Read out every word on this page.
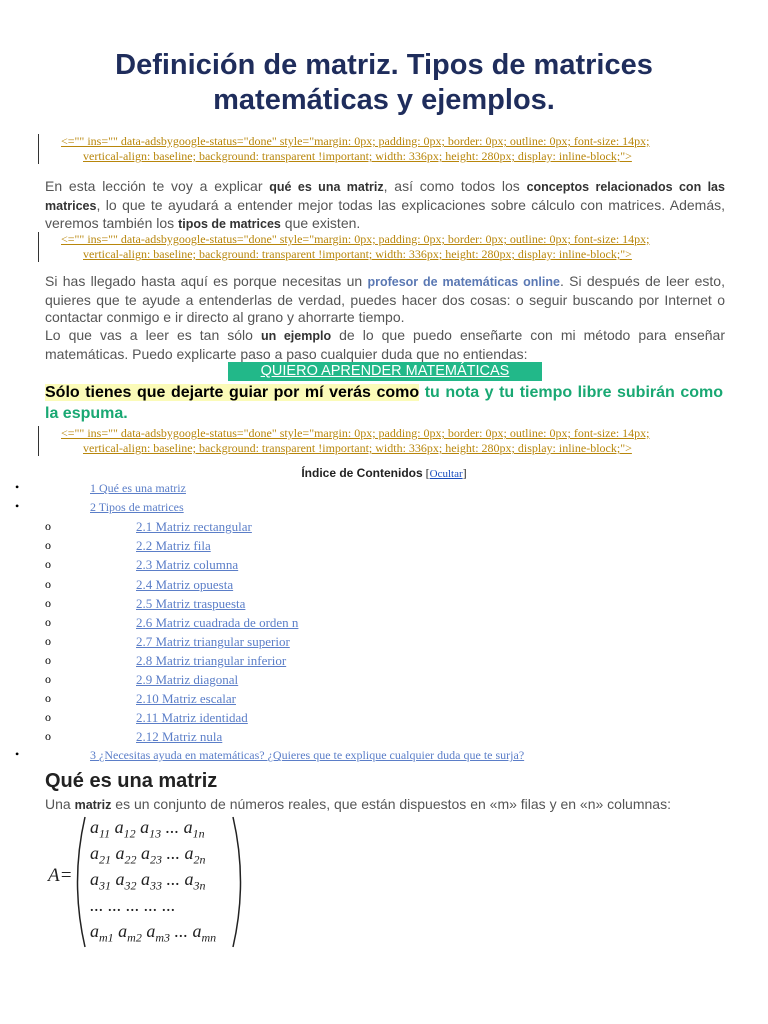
Definición de matriz. Tipos de matrices matemáticas y ejemplos.
<="" ins="" data-adsbygoogle-status="done" style="margin: 0px; padding: 0px; border: 0px; outline: 0px; font-size: 14px;
vertical-align: baseline; background: transparent !important; width: 336px; height: 280px; display: inline-block;">

En esta lección te voy a explicar qué es una matriz, así como todos los conceptos relacionados con las matrices, lo que te ayudará a entender mejor todas las explicaciones sobre cálculo con matrices. Además, veremos también los tipos de matrices que existen.

<="" ins="" data-adsbygoogle-status="done" style="margin: 0px; padding: 0px; border: 0px; outline: 0px; font-size: 14px;
vertical-align: baseline; background: transparent !important; width: 336px; height: 280px; display: inline-block;">

Si has llegado hasta aquí es porque necesitas un profesor de matemáticas online. Si después de leer esto, quieres que te ayude a entenderlas de verdad, puedes hacer dos cosas: o seguir buscando por Internet o contactar conmigo e ir directo al grano y ahorrarte tiempo.

Lo que vas a leer es tan sólo un ejemplo de lo que puedo enseñarte con mi método para enseñar matemáticas. Puedo explicarte paso a paso cualquier duda que no entiendas:

QUIERO APRENDER MATEMÁTICAS

Sólo tienes que dejarte guiar por mí verás como tu nota y tu tiempo libre subirán como la espuma.

<="" ins="" data-adsbygoogle-status="done" style="margin: 0px; padding: 0px; border: 0px; outline: 0px; font-size: 14px;
vertical-align: baseline; background: transparent !important; width: 336px; height: 280px; display: inline-block;">
Índice de Contenidos [Ocultar]
•	1 Qué es una matriz
•	2 Tipos de matrices
o	2.1 Matriz rectangular
o	2.2 Matriz fila
o	2.3 Matriz columna
o	2.4 Matriz opuesta
o	2.5 Matriz traspuesta
o	2.6 Matriz cuadrada de orden n
o	2.7 Matriz triangular superior
o	2.8 Matriz triangular inferior
o	2.9 Matriz diagonal
o	2.10 Matriz escalar
o	2.11 Matriz identidad
o	2.12 Matriz nula
•	3 ¿Necesitas ayuda en matemáticas? ¿Quieres que te explique cualquier duda que te surja?
Qué es una matriz

Una matriz es un conjunto de números reales, que están dispuestos en «m» filas y en «n» columnas:

A=
$a_{11}$ $a_{12}$ $a_{13}$ ... $a_{1n}$
$a_{21}$ $a_{22}$ $a_{23}$ ... $a_{2n}$
$a_{31}$ $a_{32}$ $a_{33}$ ... $a_{3n}$
... ... ... ... ...
$a_{m1}$ $a_{m2}$ $a_{m3}$ ... $a_{mn}$
